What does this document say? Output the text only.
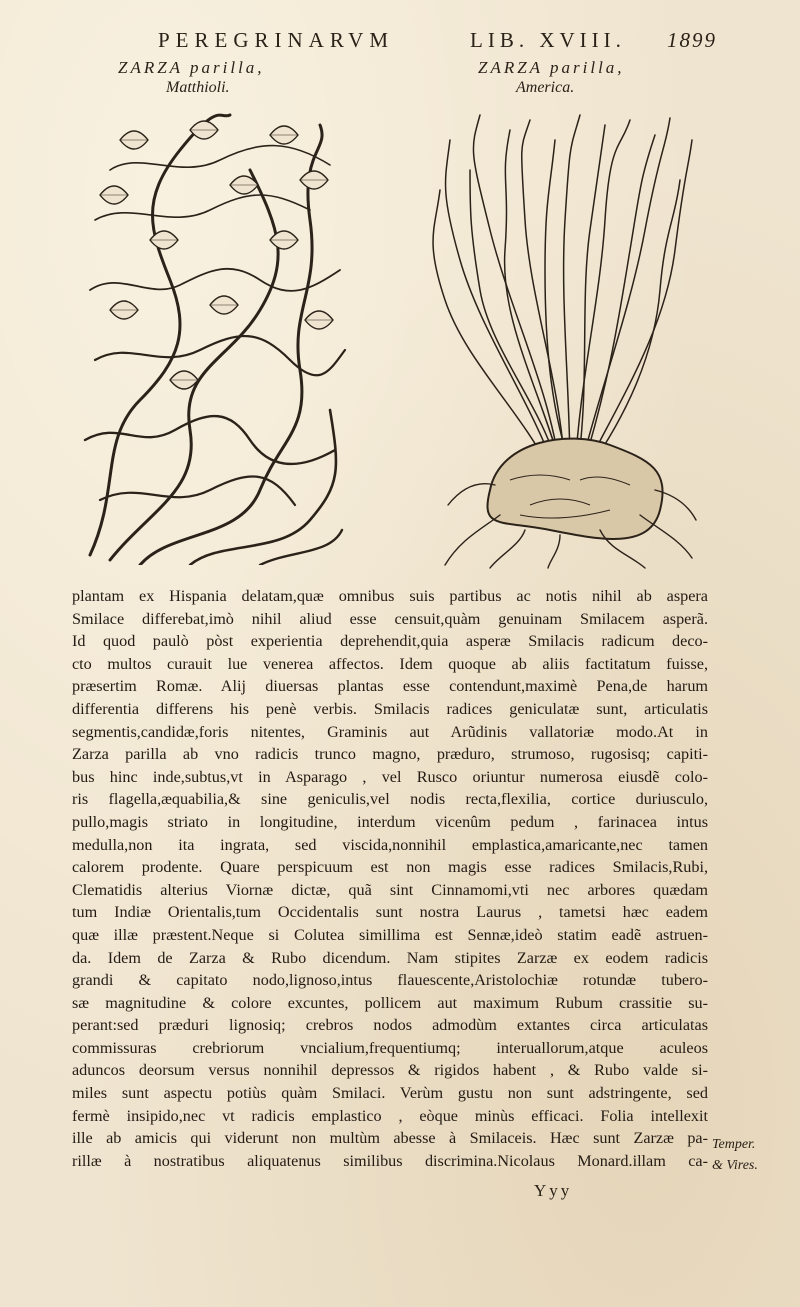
PEREGRINARVM	LIB. XVIII. 1899
ZARZA parilla,
Matthioli.
ZARZA parilla,
America.
plantam ex Hispania delatam,quæ omnibus suis partibus ac notis nihil ab aspera
Smilace differebat,imò nihil aliud esse censuit,quàm genuinam Smilacem asperã.
Id quod paulò pòst experientia deprehendit,quia asperæ Smilacis radicum deco-
cto multos curauit lue venerea affectos. Idem quoque ab aliis factitatum fuisse,
præsertim Romæ. Alij diuersas plantas esse contendunt,maximè Pena,de harum
differentia differens his penè verbis. Smilacis radices geniculatæ sunt, articulatis
segmentis,candidæ,foris nitentes, Graminis aut Arũdinis vallatoriæ modo.At in
Zarza parilla ab vno radicis trunco magno, præduro, strumoso, rugosisq; capiti-
bus hinc inde,subtus,vt in Asparago , vel Rusco oriuntur numerosa eiusdẽ colo-
ris flagella,æquabilia,& sine geniculis,vel nodis recta,flexilia, cortice duriusculo,
pullo,magis striato in longitudine, interdum vicenûm pedum , farinacea intus
medulla,non ita ingrata, sed viscida,nonnihil emplastica,amaricante,nec tamen
calorem prodente. Quare perspicuum est non magis esse radices Smilacis,Rubi,
Clematidis alterius Viornæ dictæ, quã sint Cinnamomi,vti nec arbores quædam
tum Indiæ Orientalis,tum Occidentalis sunt nostra Laurus , tametsi hæc eadem
quæ illæ præstent.Neque si Colutea simillima est Sennæ,ideò statim eadẽ astruen-
da. Idem de Zarza & Rubo dicendum. Nam stipites Zarzæ ex eodem radicis
grandi & capitato nodo,lignoso,intus flauescente,Aristolochiæ rotundæ tubero-
sæ magnitudine & colore excuntes, pollicem aut maximum Rubum crassitie su-
perant:sed præduri lignosiq; crebros nodos admodùm extantes circa articulatas
commissuras crebriorum vncialium,frequentiumq; interuallorum,atque aculeos
aduncos deorsum versus nonnihil depressos & rigidos habent , & Rubo valde si-
miles sunt aspectu potiùs quàm Smilaci. Verùm gustu non sunt adstringente, sed
fermè insipido,nec vt radicis emplastico , eòque minùs efficaci. Folia intellexit
ille ab amicis qui viderunt non multùm abesse à Smilaceis. Hæc sunt Zarzæ pa-
rillæ à nostratibus aliquatenus similibus discrimina.Nicolaus Monard.illam ca-
Temper.
& Vires.
Yyy
